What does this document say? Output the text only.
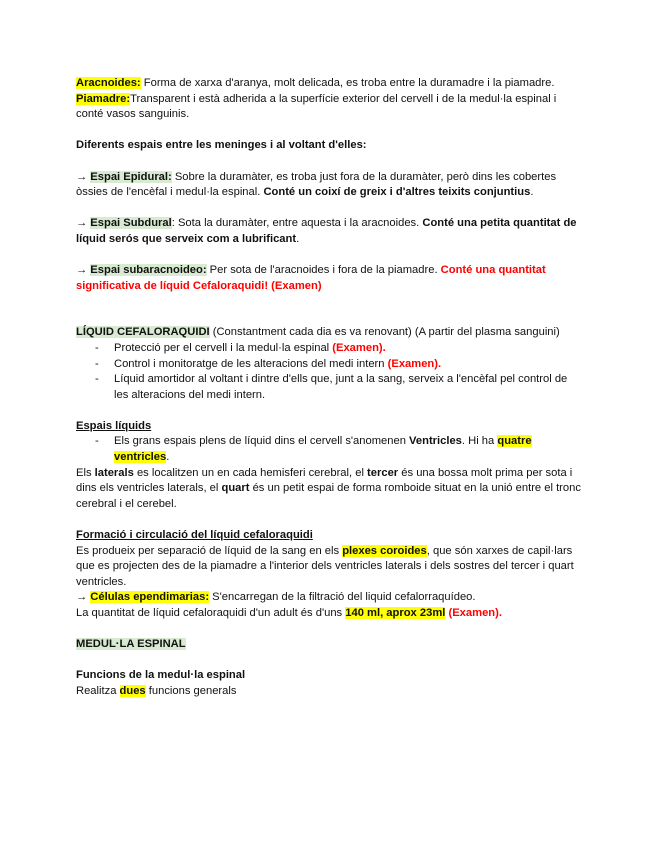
Aracnoides: Forma de xarxa d'aranya, molt delicada, es troba entre la duramadre i la piamadre.

Piamadre:Transparent i està adherida a la superfície exterior del cervell i de la medul·la espinal i conté vasos sanguinis.

Diferents espais entre les meninges i al voltant d'elles:

→ Espai Epidural: Sobre la duramàter, es troba just fora de la duramàter, però dins les cobertes òssies de l'encèfal i medul·la espinal. Conté un coixí de greix i d'altres teixits conjuntius.

→ Espai Subdural: Sota la duramàter, entre aquesta i la aracnoides. Conté una petita quantitat de líquid serós que serveix com a lubrificant.

→ Espai subaracnoideo: Per sota de l'aracnoides i fora de la piamadre. Conté una quantitat significativa de líquid Cefaloraquidi! (Examen)

LÍQUID CEFALORAQUIDI (Constantment cada dia es va renovant) (A partir del plasma sanguini)

- Protecció per el cervell i la medul·la espinal (Examen).
- Control i monitoratge de les alteracions del medi intern (Examen).
- Líquid amortidor al voltant i dintre d'ells que, junt a la sang, serveix a l'encèfal pel control de les alteracions del medi intern.

Espais líquids

- Els grans espais plens de líquid dins el cervell s'anomenen Ventricles. Hi ha quatre ventricles.

Els laterals es localitzen un en cada hemisferi cerebral, el tercer és una bossa molt prima per sota i dins els ventricles laterals, el quart és un petit espai de forma romboide situat en la unió entre el tronc cerebral i el cerebel.

Formació i circulació del líquid cefaloraquidi

Es produeix per separació de líquid de la sang en els plexes coroides, que són xarxes de capil·lars que es projecten des de la piamadre a l'interior dels ventricles laterals i dels sostres del tercer i quart ventricles.

→ Células ependimarias: S'encarregan de la filtració del liquid cefalorraquídeo.

La quantitat de líquid cefaloraquidi d'un adult és d'uns 140 ml, aprox 23ml (Examen).

MEDUL·LA ESPINAL

Funcions de la medul·la espinal

Realitza dues funcions generals
